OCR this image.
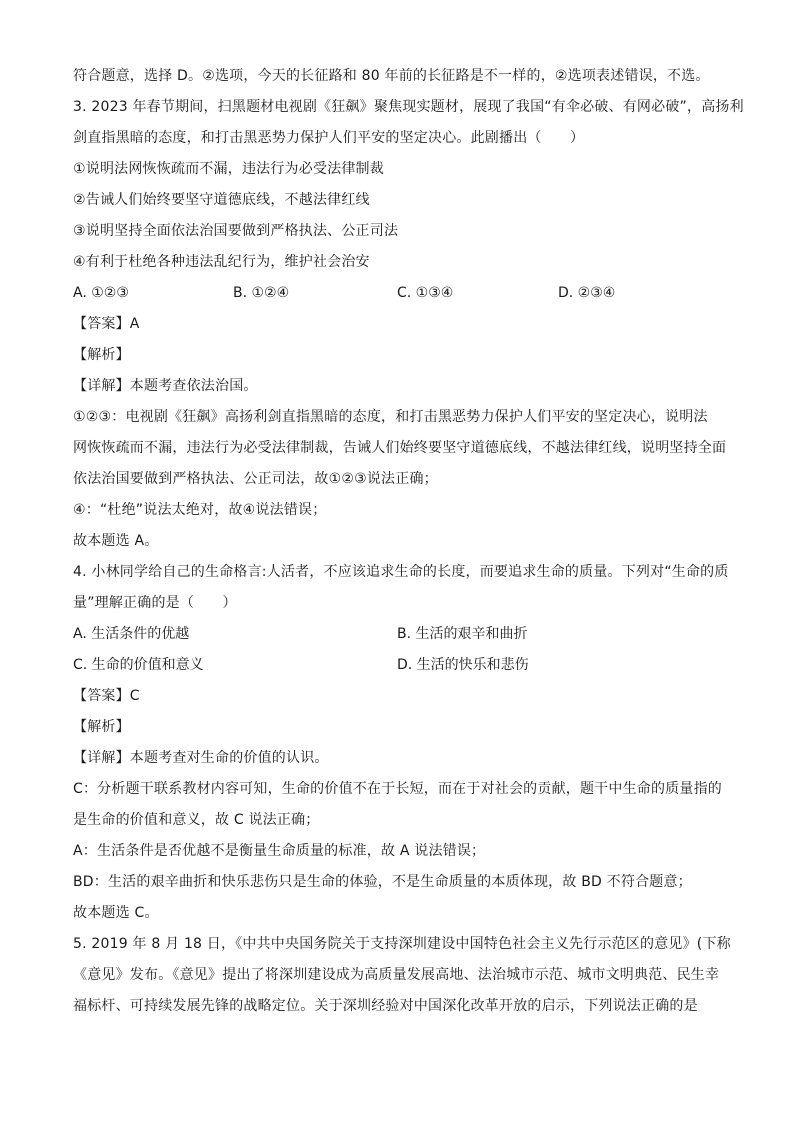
符合题意，选择 D。②选项，今天的长征路和 80 年前的长征路是不一样的，②选项表述错误，不选。
3. 2023 年春节期间，扫黑题材电视剧《狂飙》聚焦现实题材，展现了我国“有伞必破、有网必破”，高扬利
剑直指黑暗的态度，和打击黑恶势力保护人们平安的坚定决心。此剧播出（　　）
①说明法网恢恢疏而不漏，违法行为必受法律制裁
②告诫人们始终要坚守道德底线，不越法律红线
③说明坚持全面依法治国要做到严格执法、公正司法
④有利于杜绝各种违法乱纪行为，维护社会治安
A. ①②③	B. ①②④	C. ①③④	D. ②③④
【答案】A
【解析】
【详解】本题考查依法治国。
①②③：电视剧《狂飙》高扬利剑直指黑暗的态度，和打击黑恶势力保护人们平安的坚定决心，说明法
网恢恢疏而不漏，违法行为必受法律制裁，告诫人们始终要坚守道德底线，不越法律红线，说明坚持全面
依法治国要做到严格执法、公正司法，故①②③说法正确；
④：“杜绝”说法太绝对，故④说法错误；
故本题选 A。
4. 小林同学给自己的生命格言:人活者，不应该追求生命的长度，而要追求生命的质量。下列对“生命的质
量”理解正确的是（　　）
A. 生活条件的优越	B. 生活的艰辛和曲折
C. 生命的价值和意义	D. 生活的快乐和悲伤
【答案】C
【解析】
【详解】本题考查对生命的价值的认识。
C：分析题干联系教材内容可知，生命的价值不在于长短，而在于对社会的贡献，题干中生命的质量指的
是生命的价值和意义，故 C 说法正确；
A：生活条件是否优越不是衡量生命质量的标准，故 A 说法错误；
BD：生活的艰辛曲折和快乐悲伤只是生命的体验，不是生命质量的本质体现，故 BD 不符合题意；
故本题选 C。
5. 2019 年 8 月 18 日，《中共中央国务院关于支持深圳建设中国特色社会主义先行示范区的意见》(下称
《意见》发布。《意见》提出了将深圳建设成为高质量发展高地、法治城市示范、城市文明典范、民生幸
福标杆、可持续发展先锋的战略定位。关于深圳经验对中国深化改革开放的启示，下列说法正确的是
